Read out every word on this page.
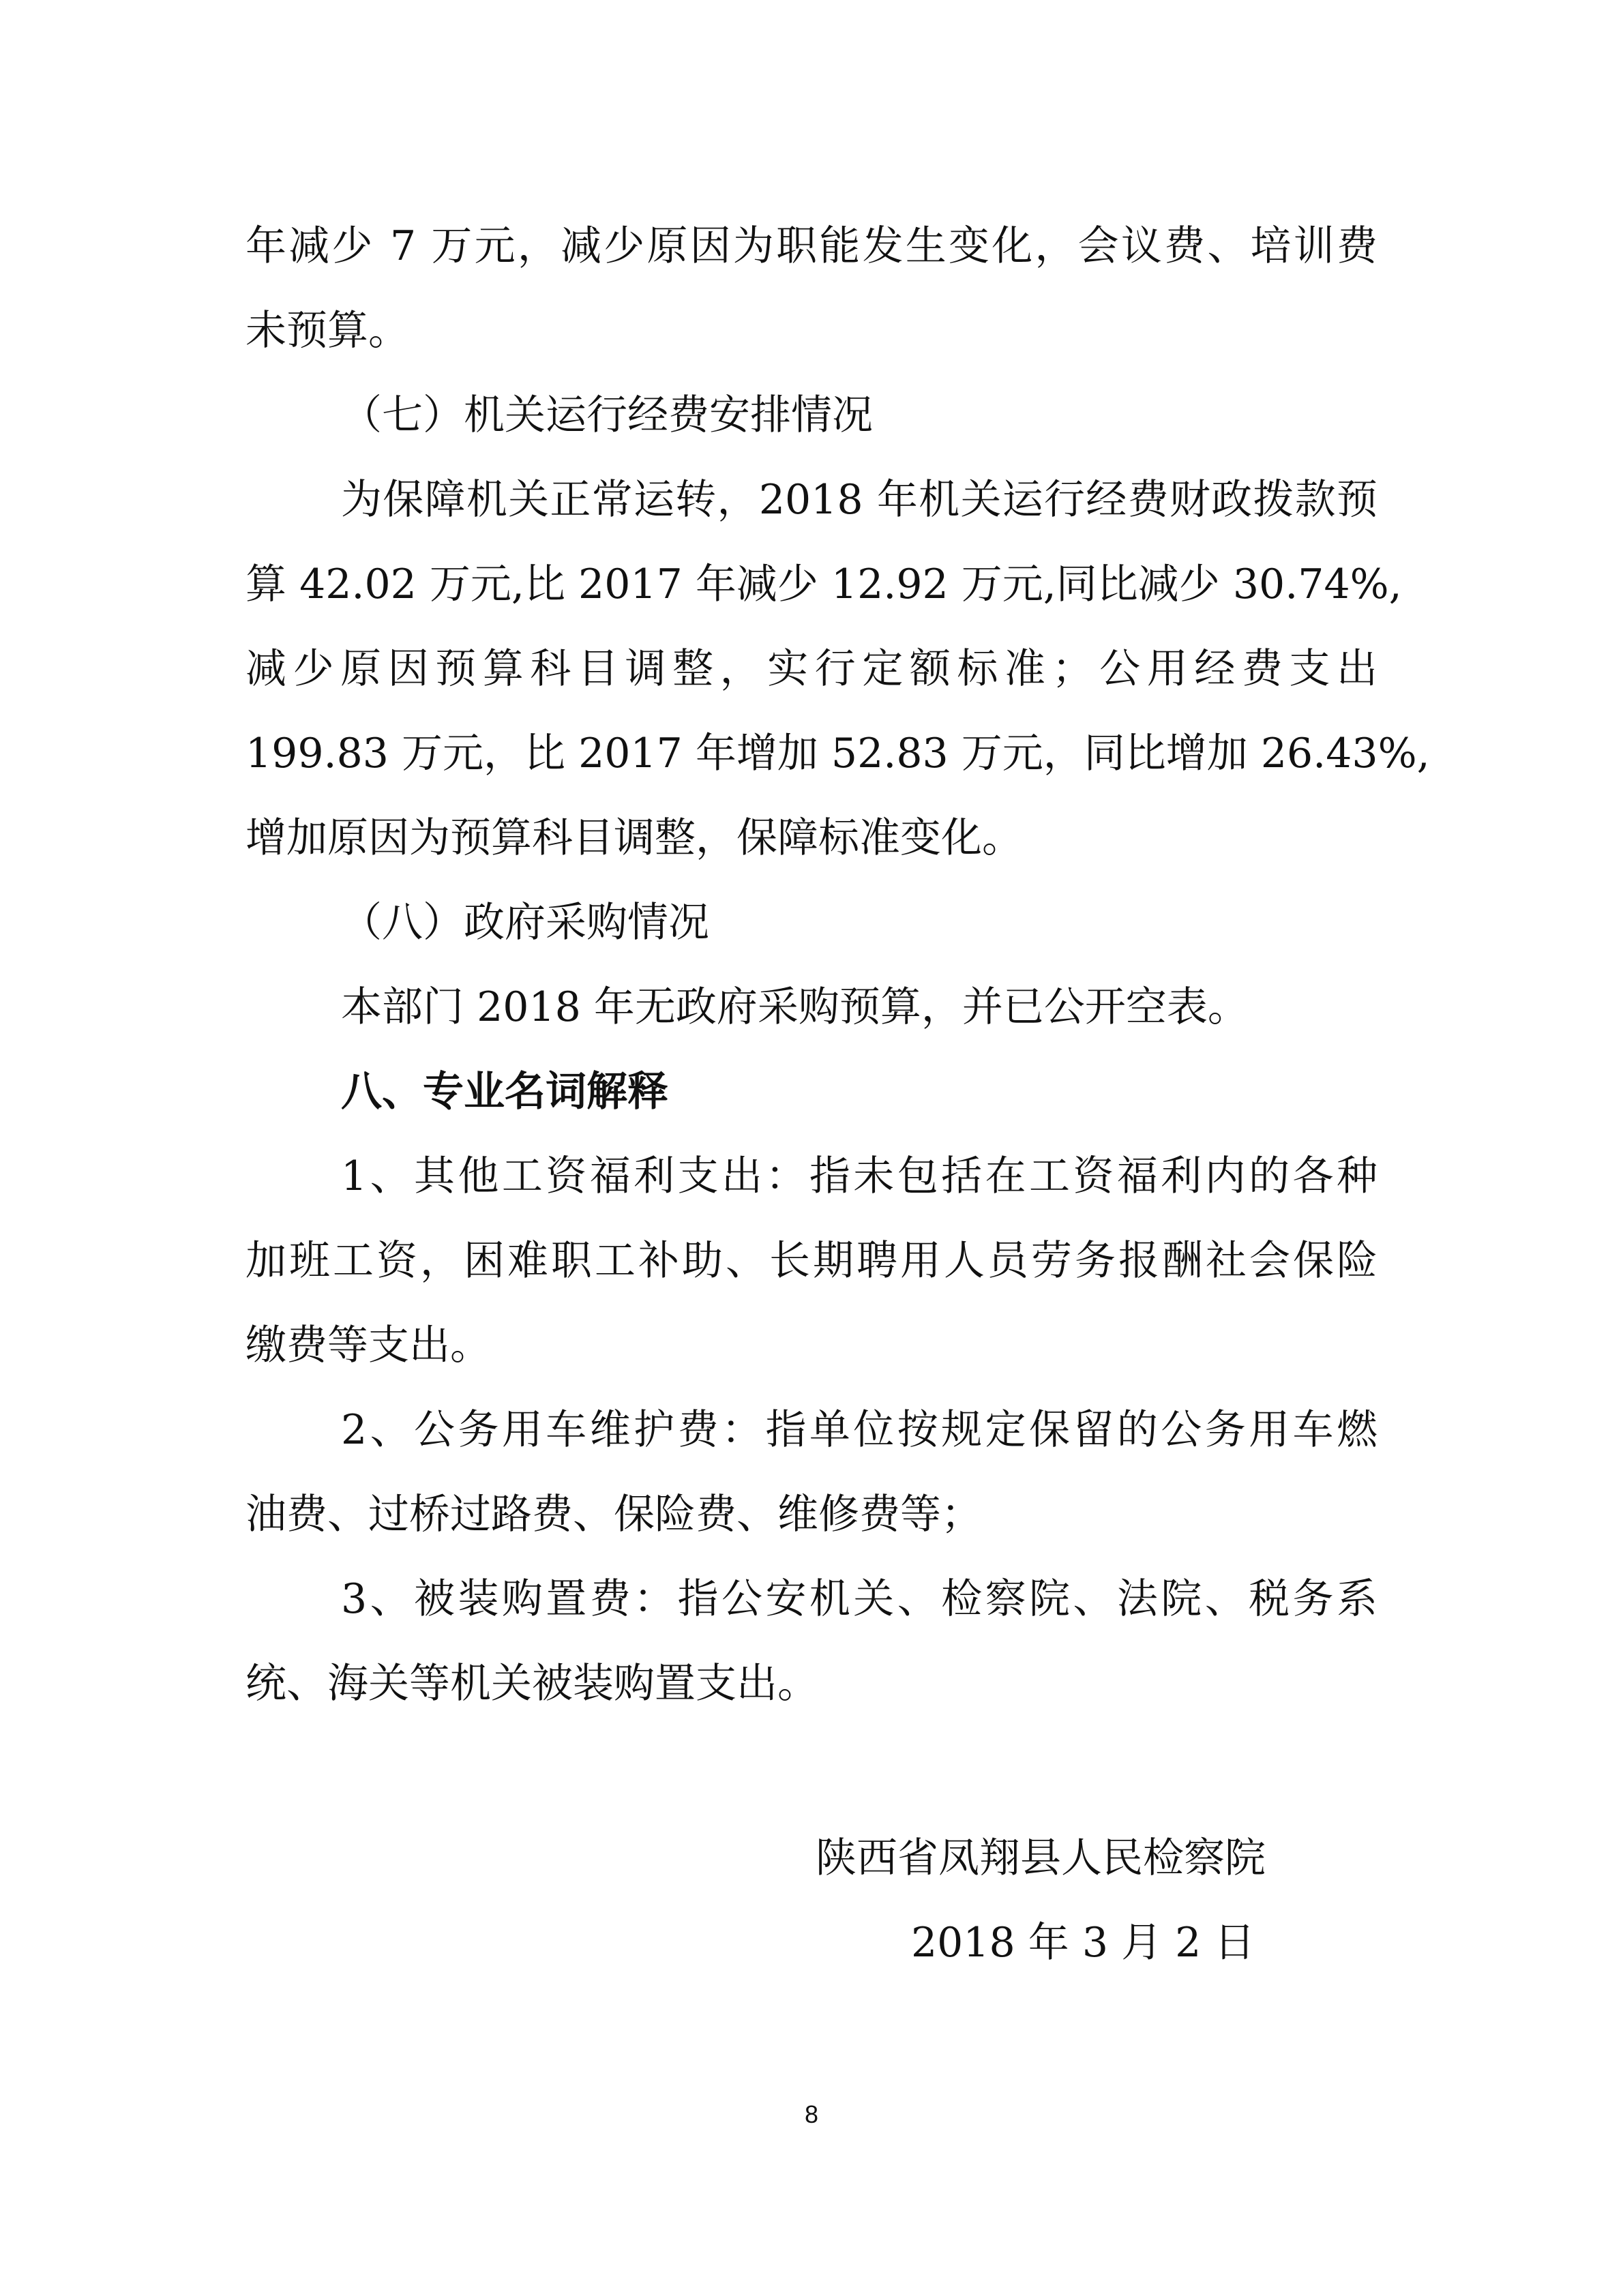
年减少 7 万元，减少原因为职能发生变化，会议费、培训费

未预算。

（七）机关运行经费安排情况

为保障机关正常运转，2018 年机关运行经费财政拨款预

算 42.02 万元,比 2017 年减少 12.92 万元,同比减少 30.74%,

减少原因预算科目调整，实行定额标准；公用经费支出

199.83 万元，比 2017 年增加 52.83 万元，同比增加 26.43%,

增加原因为预算科目调整，保障标准变化。

（八）政府采购情况

本部门 2018 年无政府采购预算，并已公开空表。

八、专业名词解释

1、其他工资福利支出：指未包括在工资福利内的各种

加班工资，困难职工补助、长期聘用人员劳务报酬社会保险

缴费等支出。

2、公务用车维护费：指单位按规定保留的公务用车燃

油费、过桥过路费、保险费、维修费等；

3、被装购置费：指公安机关、检察院、法院、税务系

统、海关等机关被装购置支出。

陕西省凤翔县人民检察院

2018 年 3 月 2 日

8
